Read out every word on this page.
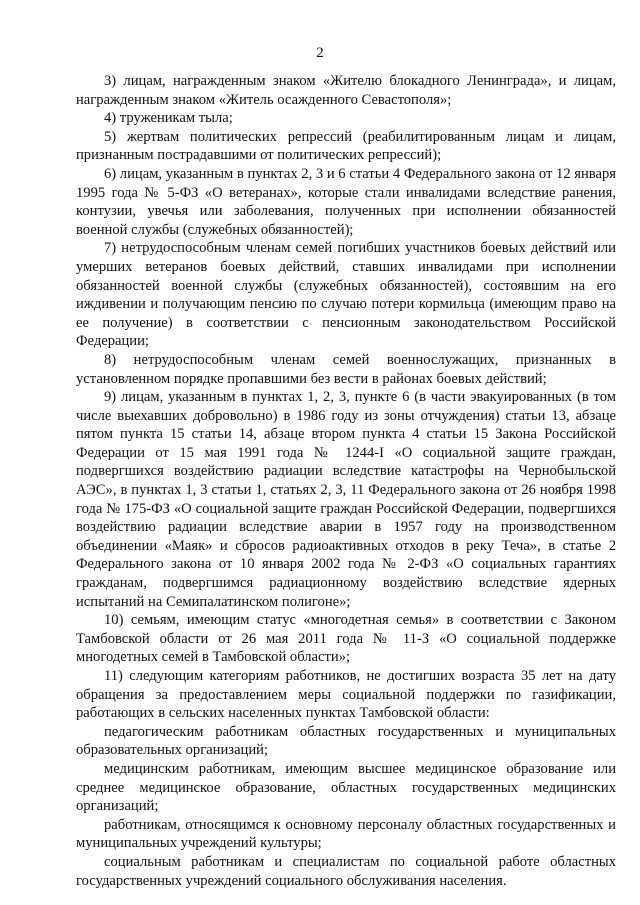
2

3) лицам, награжденным знаком «Жителю блокадного Ленинграда», и лицам, награжденным знаком «Житель осажденного Севастополя»;

4) труженикам тыла;

5) жертвам политических репрессий (реабилитированным лицам и лицам, признанным пострадавшими от политических репрессий);

6) лицам, указанным в пунктах 2, 3 и 6 статьи 4 Федерального закона от 12 января 1995 года № 5-ФЗ «О ветеранах», которые стали инвалидами вследствие ранения, контузии, увечья или заболевания, полученных при исполнении обязанностей военной службы (служебных обязанностей);

7) нетрудоспособным членам семей погибших участников боевых действий или умерших ветеранов боевых действий, ставших инвалидами при исполнении обязанностей военной службы (служебных обязанностей), состоявшим на его иждивении и получающим пенсию по случаю потери кормильца (имеющим право на ее получение) в соответствии с пенсионным законодательством Российской Федерации;

8) нетрудоспособным членам семей военнослужащих, признанных в установленном порядке пропавшими без вести в районах боевых действий;

9) лицам, указанным в пунктах 1, 2, 3, пункте 6 (в части эвакуированных (в том числе выехавших добровольно) в 1986 году из зоны отчуждения) статьи 13, абзаце пятом пункта 15 статьи 14, абзаце втором пункта 4 статьи 15 Закона Российской Федерации от 15 мая 1991 года № 1244-I «О социальной защите граждан, подвергшихся воздействию радиации вследствие катастрофы на Чернобыльской АЭС», в пунктах 1, 3 статьи 1, статьях 2, 3, 11 Федерального закона от 26 ноября 1998 года № 175-ФЗ «О социальной защите граждан Российской Федерации, подвергшихся воздействию радиации вследствие аварии в 1957 году на производственном объединении «Маяк» и сбросов радиоактивных отходов в реку Теча», в статье 2 Федерального закона от 10 января 2002 года № 2-ФЗ «О социальных гарантиях гражданам, подвергшимся радиационному воздействию вследствие ядерных испытаний на Семипалатинском полигоне»;

10) семьям, имеющим статус «многодетная семья» в соответствии с Законом Тамбовской области от 26 мая 2011 года № 11-З «О социальной поддержке многодетных семей в Тамбовской области»;

11) следующим категориям работников, не достигших возраста 35 лет на дату обращения за предоставлением меры социальной поддержки по газификации, работающих в сельских населенных пунктах Тамбовской области:

педагогическим работникам областных государственных и муниципальных образовательных организаций;

медицинским работникам, имеющим высшее медицинское образование или среднее медицинское образование, областных государственных медицинских организаций;

работникам, относящимся к основному персоналу областных государственных и муниципальных учреждений культуры;

социальным работникам и специалистам по социальной работе областных государственных учреждений социального обслуживания населения.
